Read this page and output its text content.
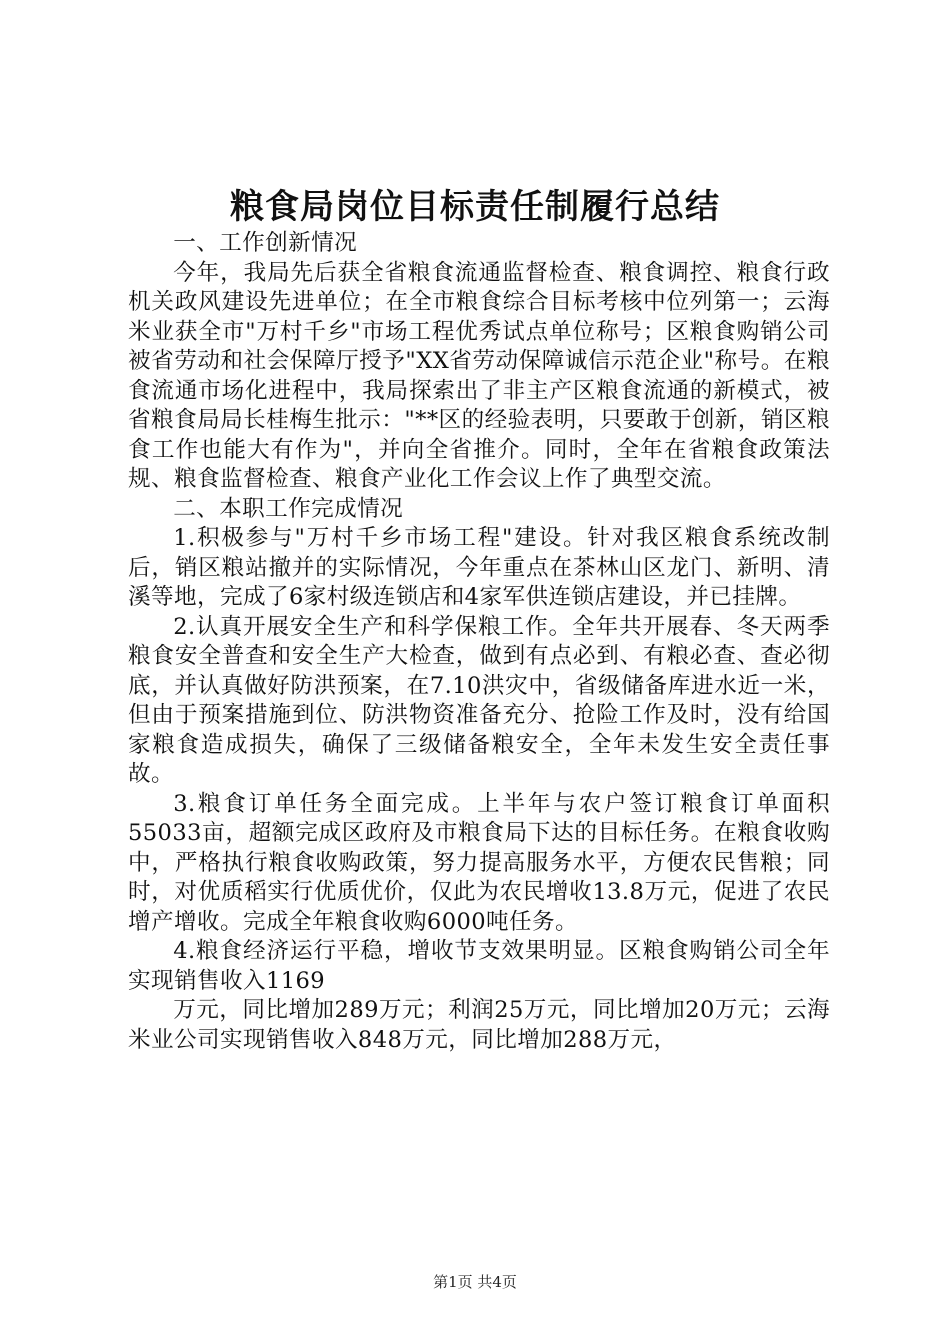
粮食局岗位目标责任制履行总结

一、工作创新情况

今年，我局先后获全省粮食流通监督检查、粮食调控、粮食行政机关政风建设先进单位；在全市粮食综合目标考核中位列第一；云海米业获全市"万村千乡"市场工程优秀试点单位称号；区粮食购销公司被省劳动和社会保障厅授予"XX省劳动保障诚信示范企业"称号。在粮食流通市场化进程中，我局探索出了非主产区粮食流通的新模式，被省粮食局局长桂梅生批示："**区的经验表明，只要敢于创新，销区粮食工作也能大有作为"，并向全省推介。同时，全年在省粮食政策法规、粮食监督检查、粮食产业化工作会议上作了典型交流。

二、本职工作完成情况

1.积极参与"万村千乡市场工程"建设。针对我区粮食系统改制后，销区粮站撤并的实际情况，今年重点在茶林山区龙门、新明、清溪等地，完成了6家村级连锁店和4家军供连锁店建设，并已挂牌。

2.认真开展安全生产和科学保粮工作。全年共开展春、冬天两季粮食安全普查和安全生产大检查，做到有点必到、有粮必查、查必彻底，并认真做好防洪预案，在7.10洪灾中，省级储备库进水近一米，但由于预案措施到位、防洪物资准备充分、抢险工作及时，没有给国家粮食造成损失，确保了三级储备粮安全，全年未发生安全责任事故。

3.粮食订单任务全面完成。上半年与农户签订粮食订单面积55033亩，超额完成区政府及市粮食局下达的目标任务。在粮食收购中，严格执行粮食收购政策，努力提高服务水平，方便农民售粮；同时，对优质稻实行优质优价，仅此为农民增收13.8万元，促进了农民增产增收。完成全年粮食收购6000吨任务。

4.粮食经济运行平稳，增收节支效果明显。区粮食购销公司全年实现销售收入1169

万元，同比增加289万元；利润25万元，同比增加20万元；云海米业公司实现销售收入848万元，同比增加288万元，

第1页 共4页
